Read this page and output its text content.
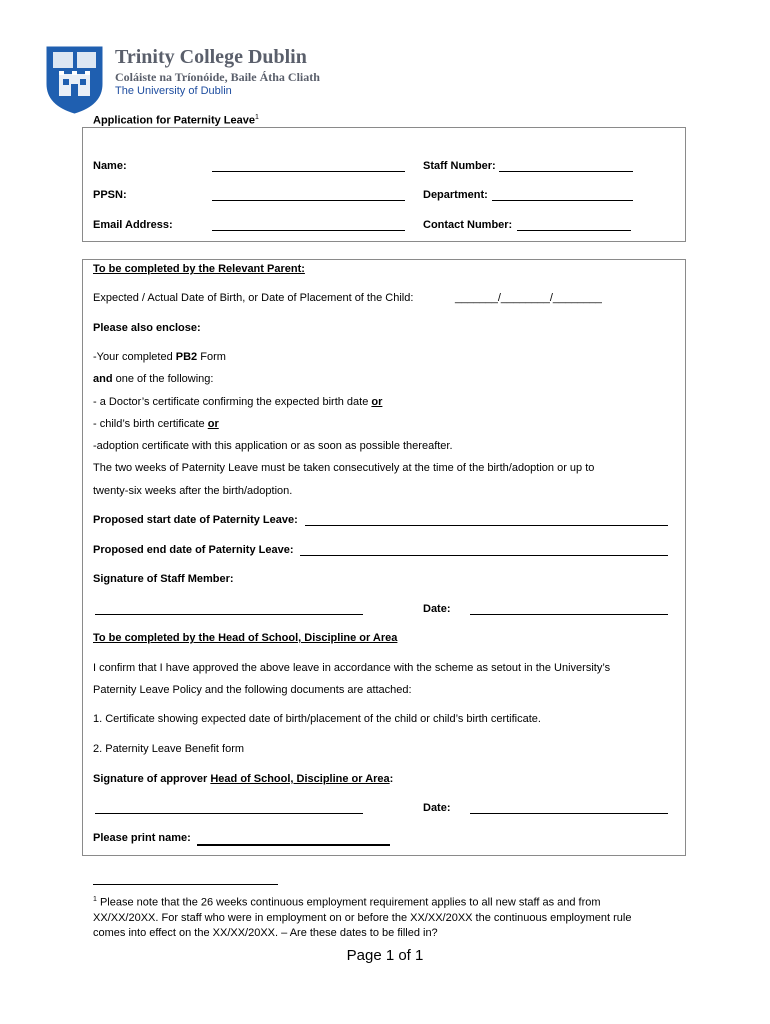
Trinity College Dublin
Coláiste na Tríonóide, Baile Átha Cliath
The University of Dublin
Application for Paternity Leave$^1$
Name:	Staff Number:
PPSN:	Department:
Email Address:	Contact Number:
To be completed by the Relevant Parent:
Expected / Actual Date of Birth, or Date of Placement of the Child:	_______/________/________
Please also enclose:
-Your completed PB2 Form
and one of the following:
- a Doctor’s certificate confirming the expected birth date or
- child’s birth certificate or
-adoption certificate with this application or as soon as possible thereafter.
The two weeks of Paternity Leave must be taken consecutively at the time of the birth/adoption or up to
twenty-six weeks after the birth/adoption.
Proposed start date of Paternity Leave:
Proposed end date of Paternity Leave:
Signature of Staff Member:
Date:
To be completed by the Head of School, Discipline or Area
I confirm that I have approved the above leave in accordance with the scheme as setout in the University’s
Paternity Leave Policy and the following documents are attached:
1. Certificate showing expected date of birth/placement of the child or child’s birth certificate.
2. Paternity Leave Benefit form
Signature of approver Head of School, Discipline or Area:
Date:
Please print name:
$^1$ Please note that the 26 weeks continuous employment requirement applies to all new staff as and from
XX/XX/20XX. For staff who were in employment on or before the XX/XX/20XX the continuous employment rule
comes into effect on the XX/XX/20XX. – Are these dates to be filled in?
Page 1 of 1
